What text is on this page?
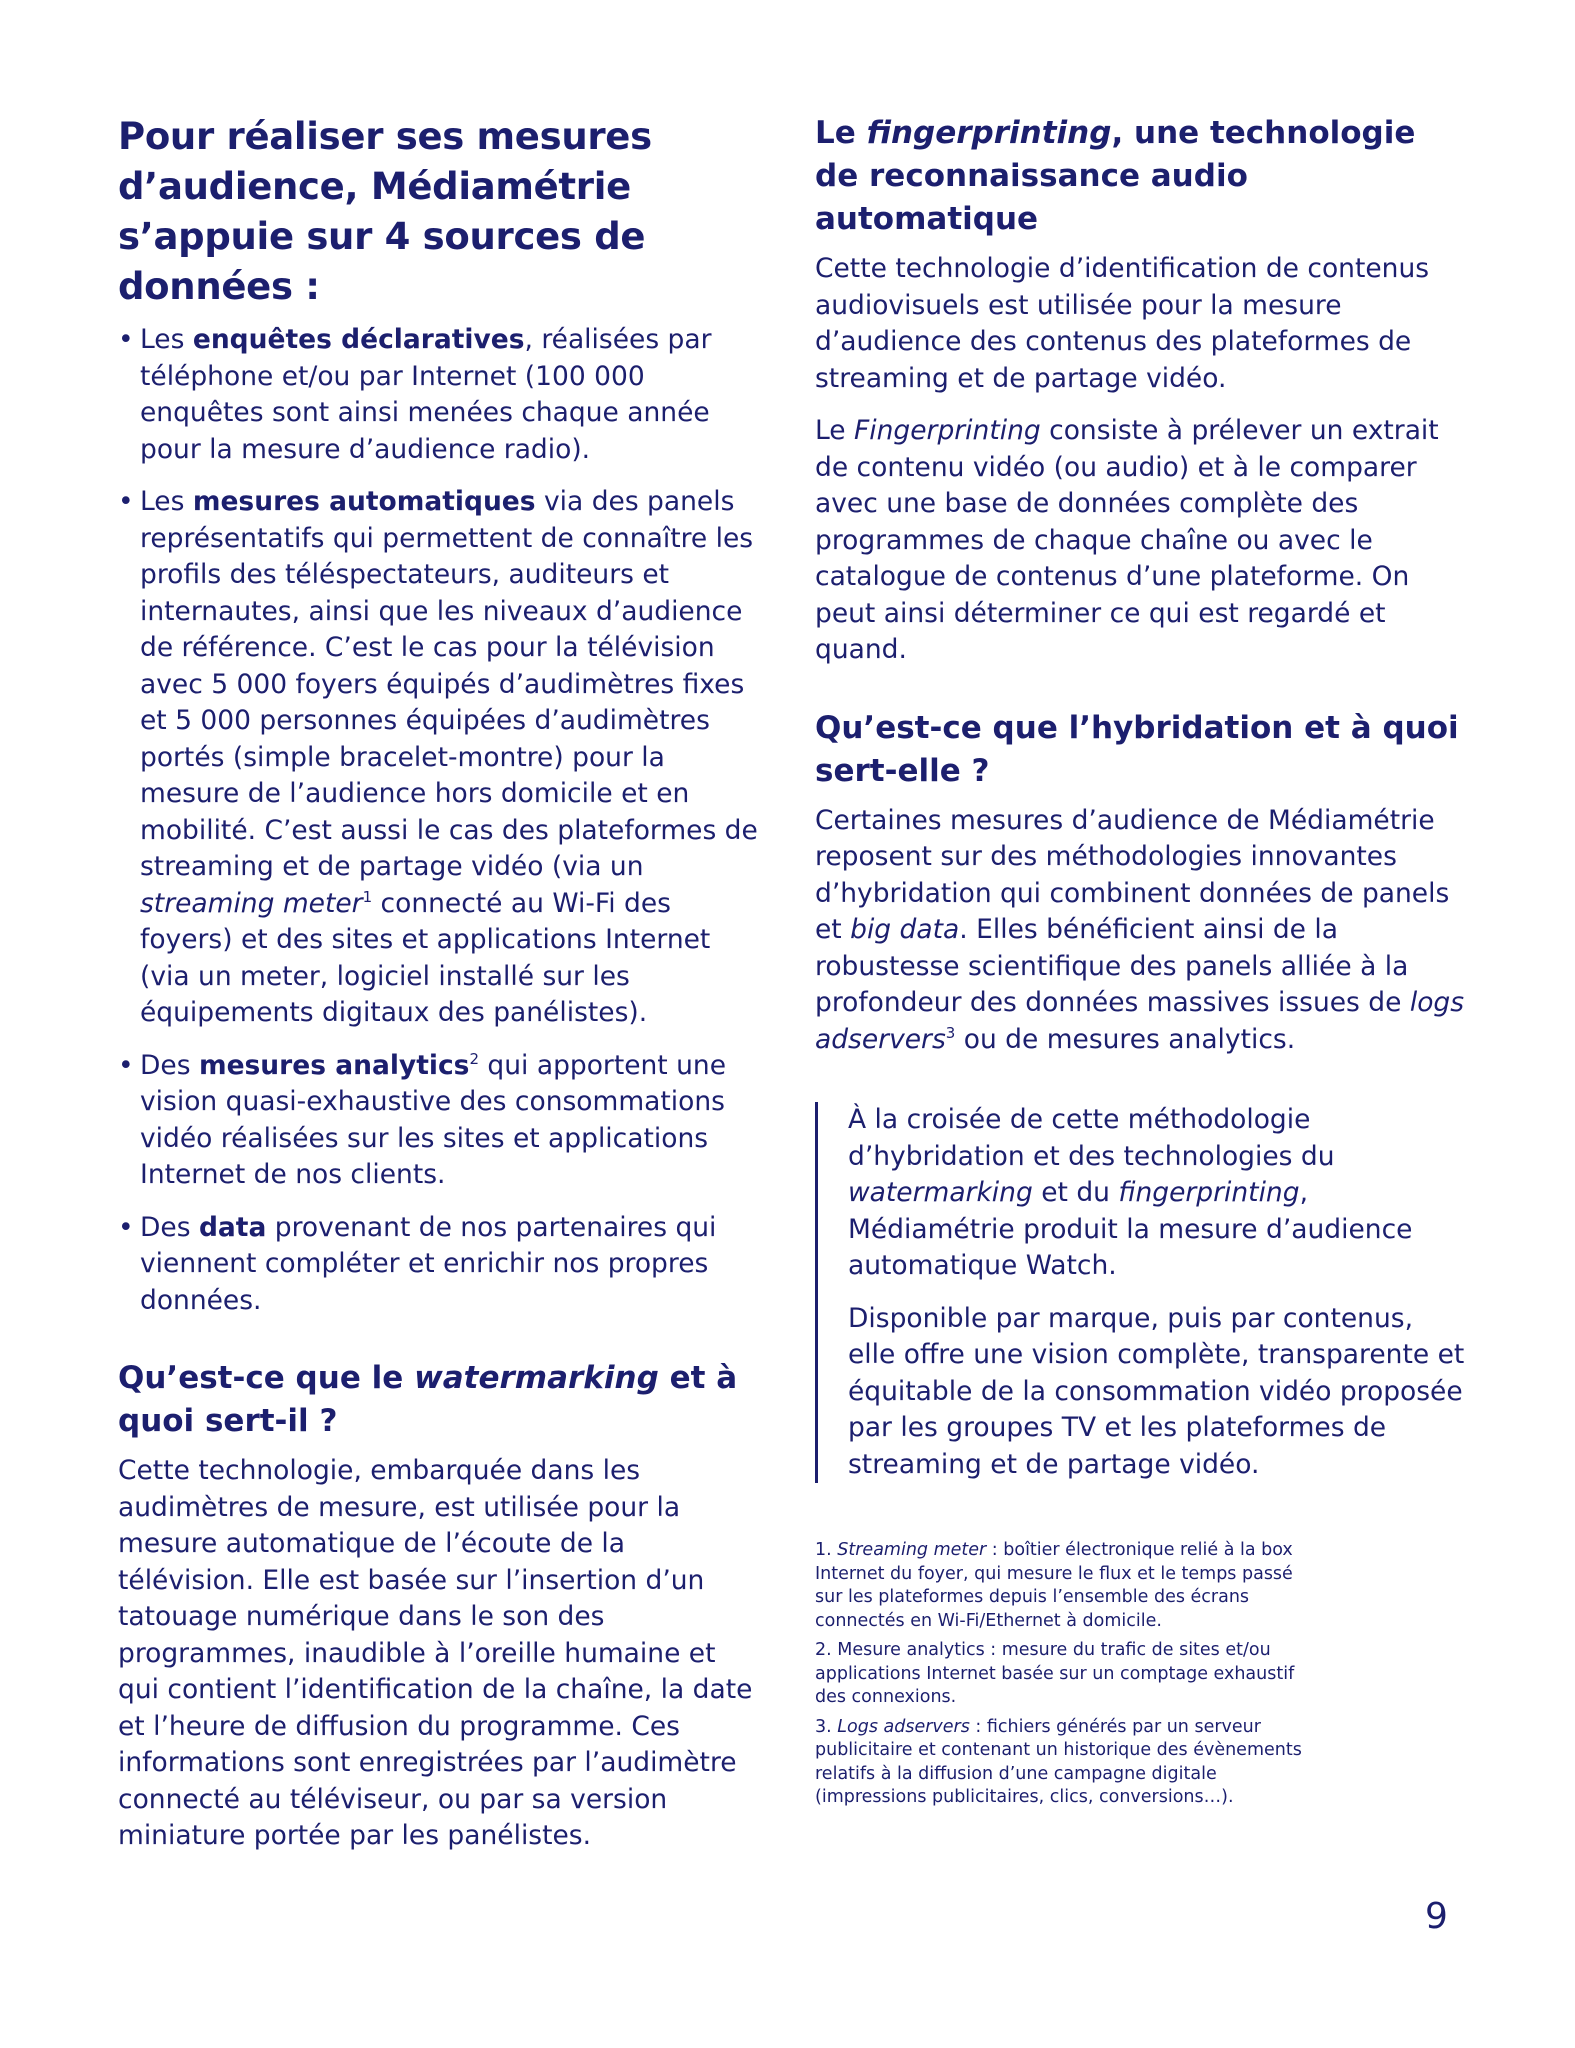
Pour réaliser ses mesures d’audience, Médiamétrie s’appuie sur 4 sources de données :
• Les enquêtes déclaratives, réalisées par téléphone et/ou par Internet (100 000 enquêtes sont ainsi menées chaque année pour la mesure d’audience radio).
• Les mesures automatiques via des panels représentatifs qui permettent de connaître les profils des téléspectateurs, auditeurs et internautes, ainsi que les niveaux d’audience de référence. C’est le cas pour la télévision avec 5 000 foyers équipés d’audimètres fixes et 5 000 personnes équipées d’audimètres portés (simple bracelet-montre) pour la mesure de l’audience hors domicile et en mobilité. C’est aussi le cas des plateformes de streaming et de partage vidéo (via un streaming meter$^1$ connecté au Wi-Fi des foyers) et des sites et applications Internet (via un meter, logiciel installé sur les équipements digitaux des panélistes).
• Des mesures analytics$^2$ qui apportent une vision quasi-exhaustive des consommations vidéo réalisées sur les sites et applications Internet de nos clients.
• Des data provenant de nos partenaires qui viennent compléter et enrichir nos propres données.
Qu’est-ce que le watermarking et à quoi sert-il ?

Cette technologie, embarquée dans les audimètres de mesure, est utilisée pour la mesure automatique de l’écoute de la télévision. Elle est basée sur l’insertion d’un tatouage numérique dans le son des programmes, inaudible à l’oreille humaine et qui contient l’identification de la chaîne, la date et l’heure de diffusion du programme. Ces informations sont enregistrées par l’audimètre connecté au téléviseur, ou par sa version miniature portée par les panélistes.

Le fingerprinting, une technologie de reconnaissance audio automatique

Cette technologie d’identification de contenus audiovisuels est utilisée pour la mesure d’audience des contenus des plateformes de streaming et de partage vidéo.

Le Fingerprinting consiste à prélever un extrait de contenu vidéo (ou audio) et à le comparer avec une base de données complète des programmes de chaque chaîne ou avec le catalogue de contenus d’une plateforme. On peut ainsi déterminer ce qui est regardé et quand.

Qu’est-ce que l’hybridation et à quoi sert-elle ?

Certaines mesures d’audience de Médiamétrie reposent sur des méthodologies innovantes d’hybridation qui combinent données de panels et big data. Elles bénéficient ainsi de la robustesse scientifique des panels alliée à la profondeur des données massives issues de logs adservers$^3$ ou de mesures analytics.

À la croisée de cette méthodologie d’hybridation et des technologies du watermarking et du fingerprinting, Médiamétrie produit la mesure d’audience automatique Watch.

Disponible par marque, puis par contenus, elle offre une vision complète, transparente et équitable de la consommation vidéo proposée par les groupes TV et les plateformes de streaming et de partage vidéo.

1. Streaming meter : boîtier électronique relié à la box Internet du foyer, qui mesure le flux et le temps passé sur les plateformes depuis l’ensemble des écrans connectés en Wi-Fi/Ethernet à domicile.

2. Mesure analytics : mesure du trafic de sites et/ou applications Internet basée sur un comptage exhaustif des connexions.

3. Logs adservers : fichiers générés par un serveur publicitaire et contenant un historique des évènements relatifs à la diffusion d’une campagne digitale (impressions publicitaires, clics, conversions…).

9
